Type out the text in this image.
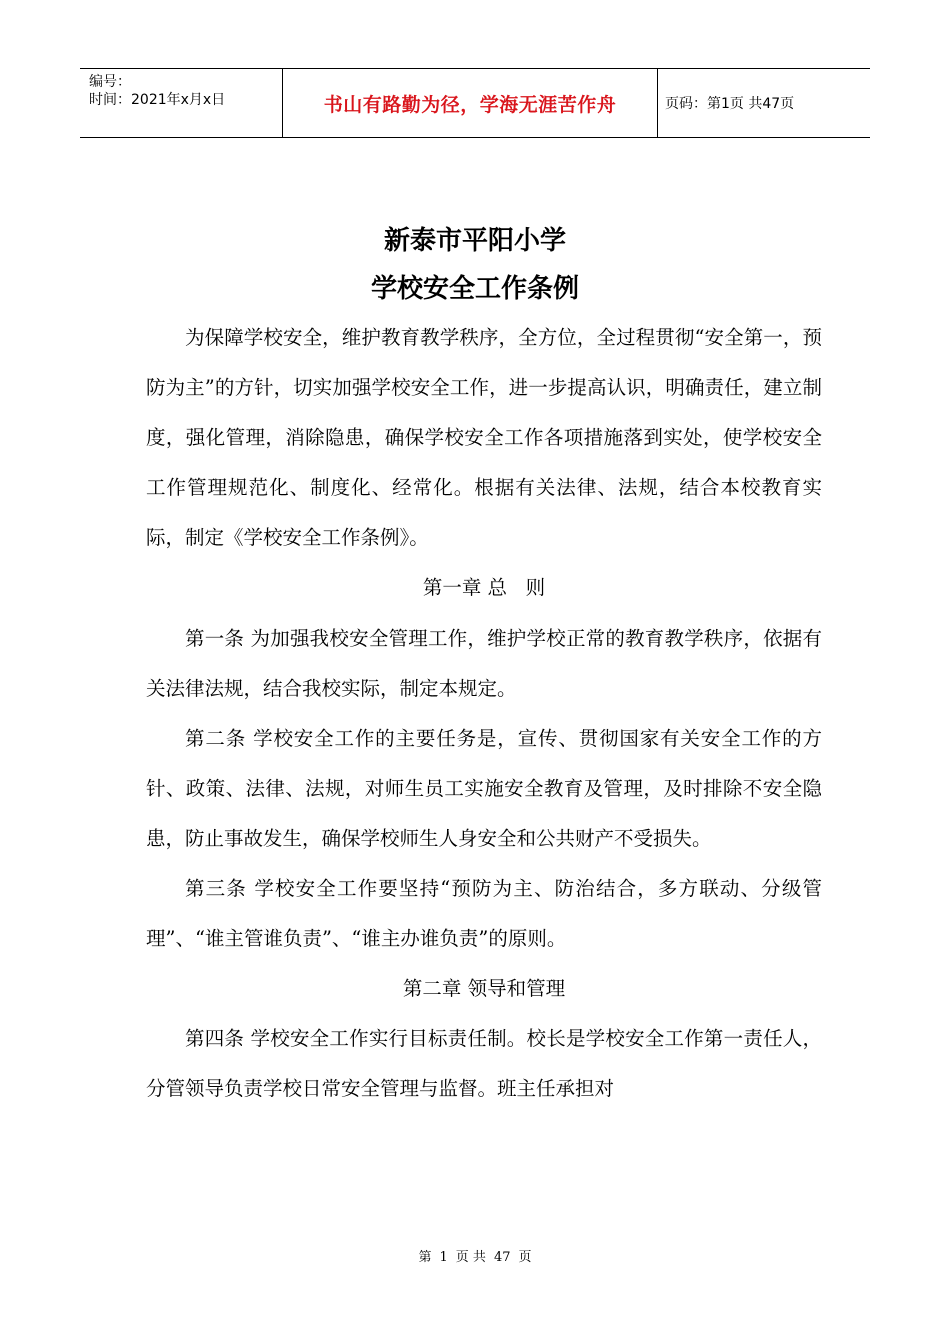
编号：
时间：2021年x月x日	书山有路勤为径，学海无涯苦作舟	页码：第1页 共47页
新泰市平阳小学
学校安全工作条例

为保障学校安全，维护教育教学秩序，全方位，全过程贯彻“安全第一，预防为主”的方针，切实加强学校安全工作，进一步提高认识，明确责任，建立制度，强化管理，消除隐患，确保学校安全工作各项措施落到实处，使学校安全工作管理规范化、制度化、经常化。根据有关法律、法规，结合本校教育实际，制定《学校安全工作条例》。

第一章 总   则

第一条 为加强我校安全管理工作，维护学校正常的教育教学秩序，依据有关法律法规，结合我校实际，制定本规定。

第二条 学校安全工作的主要任务是，宣传、贯彻国家有关安全工作的方针、政策、法律、法规，对师生员工实施安全教育及管理，及时排除不安全隐患，防止事故发生，确保学校师生人身安全和公共财产不受损失。

第三条 学校安全工作要坚持“预防为主、防治结合，多方联动、分级管理”、“谁主管谁负责”、“谁主办谁负责”的原则。

第二章 领导和管理

第四条 学校安全工作实行目标责任制。校长是学校安全工作第一责任人，分管领导负责学校日常安全管理与监督。班主任承担对

第 1 页 共 47 页
